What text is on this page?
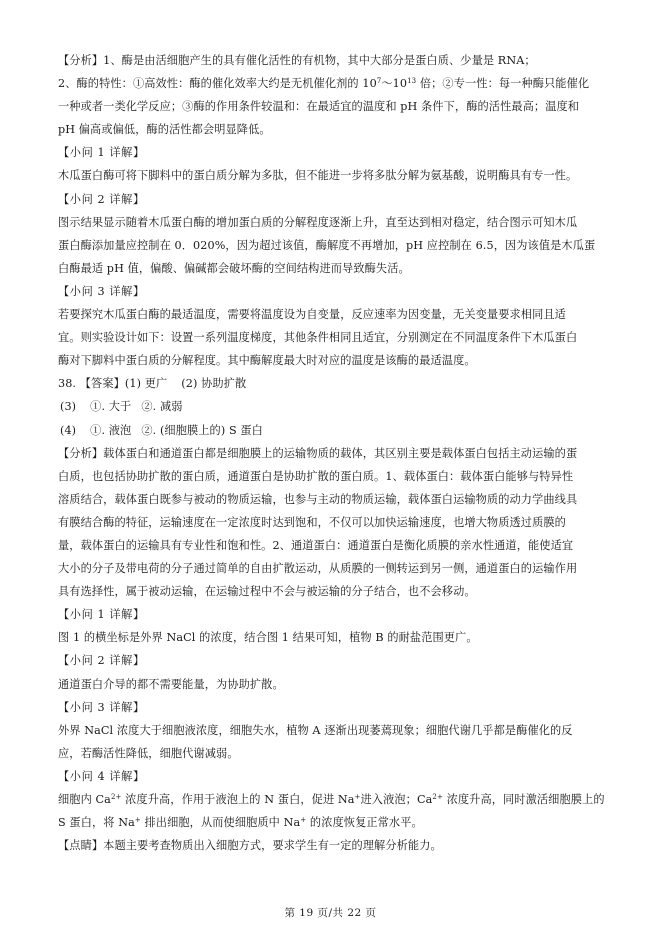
【分析】1、酶是由活细胞产生的具有催化活性的有机物，其中大部分是蛋白质、少量是 RNA；
2、酶的特性：①高效性：酶的催化效率大约是无机催化剂的 $10^7\sim 10^{13}$ 倍；②专一性：每一种酶只能催化
一种或者一类化学反应；③酶的作用条件较温和：在最适宜的温度和 pH 条件下，酶的活性最高；温度和
pH 偏高或偏低，酶的活性都会明显降低。
【小问 1 详解】
木瓜蛋白酶可将下脚料中的蛋白质分解为多肽，但不能进一步将多肽分解为氨基酸，说明酶具有专一性。
【小问 2 详解】
图示结果显示随着木瓜蛋白酶的增加蛋白质的分解程度逐渐上升，直至达到相对稳定，结合图示可知木瓜
蛋白酶添加量应控制在 0．020%，因为超过该值，酶解度不再增加，pH 应控制在 6.5，因为该值是木瓜蛋
白酶最适 pH 值，偏酸、偏碱都会破坏酶的空间结构进而导致酶失活。
【小问 3 详解】
若要探究木瓜蛋白酶的最适温度，需要将温度设为自变量，反应速率为因变量，无关变量要求相同且适
宜。则实验设计如下：设置一系列温度梯度，其他条件相同且适宜，分别测定在不同温度条件下木瓜蛋白
酶对下脚料中蛋白质的分解程度。其中酶解度最大时对应的温度是该酶的最适温度。
38. 【答案】(1) 更广 (2) 协助扩散
(3) ①. 大于 ②. 减弱
(4) ①. 液泡 ②. (细胞膜上的) S 蛋白
【分析】载体蛋白和通道蛋白都是细胞膜上的运输物质的载体，其区别主要是载体蛋白包括主动运输的蛋
白质，也包括协助扩散的蛋白质，通道蛋白是协助扩散的蛋白质。1、载体蛋白：载体蛋白能够与特异性
溶质结合，载体蛋白既参与被动的物质运输，也参与主动的物质运输，载体蛋白运输物质的动力学曲线具
有膜结合酶的特征，运输速度在一定浓度时达到饱和，不仅可以加快运输速度，也增大物质透过质膜的
量，载体蛋白的运输具有专业性和饱和性。2、通道蛋白：通道蛋白是衡化质膜的亲水性通道，能使适宜
大小的分子及带电荷的分子通过简单的自由扩散运动，从质膜的一侧转运到另一侧，通道蛋白的运输作用
具有选择性，属于被动运输，在运输过程中不会与被运输的分子结合，也不会移动。
【小问 1 详解】
图 1 的横坐标是外界 NaCl 的浓度，结合图 1 结果可知，植物 B 的耐盐范围更广。
【小问 2 详解】
通道蛋白介导的都不需要能量，为协助扩散。
【小问 3 详解】
外界 NaCl 浓度大于细胞液浓度，细胞失水，植物 A 逐渐出现萎蔫现象；细胞代谢几乎都是酶催化的反
应，若酶活性降低，细胞代谢减弱。
【小问 4 详解】
细胞内 $Ca^{2+}$ 浓度升高，作用于液泡上的 N 蛋白，促进 Na+进入液泡；$Ca^{2+}$ 浓度升高，同时激活细胞膜上的
S 蛋白，将 Na+ 排出细胞，从而使细胞质中 Na+ 的浓度恢复正常水平。
【点睛】本题主要考查物质出入细胞方式，要求学生有一定的理解分析能力。
第 19 页/共 22 页
